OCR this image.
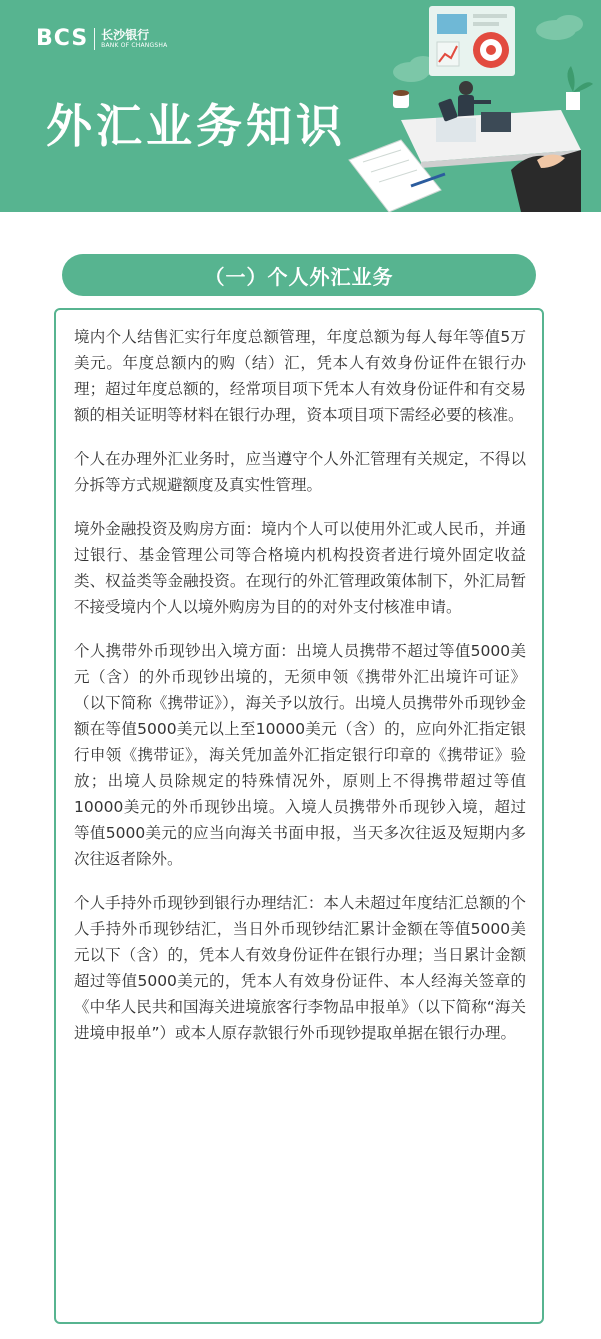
BCS 长沙银行
BANK OF CHANGSHA
外汇业务知识
（一）个人外汇业务

境内个人结售汇实行年度总额管理，年度总额为每人每年等值5万美元。年度总额内的购（结）汇，凭本人有效身份证件在银行办理；超过年度总额的，经常项目项下凭本人有效身份证件和有交易额的相关证明等材料在银行办理，资本项目项下需经必要的核准。

个人在办理外汇业务时，应当遵守个人外汇管理有关规定，不得以分拆等方式规避额度及真实性管理。

境外金融投资及购房方面：境内个人可以使用外汇或人民币，并通过银行、基金管理公司等合格境内机构投资者进行境外固定收益类、权益类等金融投资。在现行的外汇管理政策体制下，外汇局暂不接受境内个人以境外购房为目的的对外支付核准申请。

个人携带外币现钞出入境方面：出境人员携带不超过等值5000美元（含）的外币现钞出境的，无须申领《携带外汇出境许可证》（以下简称《携带证》），海关予以放行。出境人员携带外币现钞金额在等值5000美元以上至10000美元（含）的，应向外汇指定银行申领《携带证》，海关凭加盖外汇指定银行印章的《携带证》验放；出境人员除规定的特殊情况外，原则上不得携带超过等值10000美元的外币现钞出境。入境人员携带外币现钞入境，超过等值5000美元的应当向海关书面申报，当天多次往返及短期内多次往返者除外。

个人手持外币现钞到银行办理结汇：本人未超过年度结汇总额的个人手持外币现钞结汇，当日外币现钞结汇累计金额在等值5000美元以下（含）的，凭本人有效身份证件在银行办理；当日累计金额超过等值5000美元的，凭本人有效身份证件、本人经海关签章的《中华人民共和国海关进境旅客行李物品申报单》（以下简称“海关进境申报单”）或本人原存款银行外币现钞提取单据在银行办理。
